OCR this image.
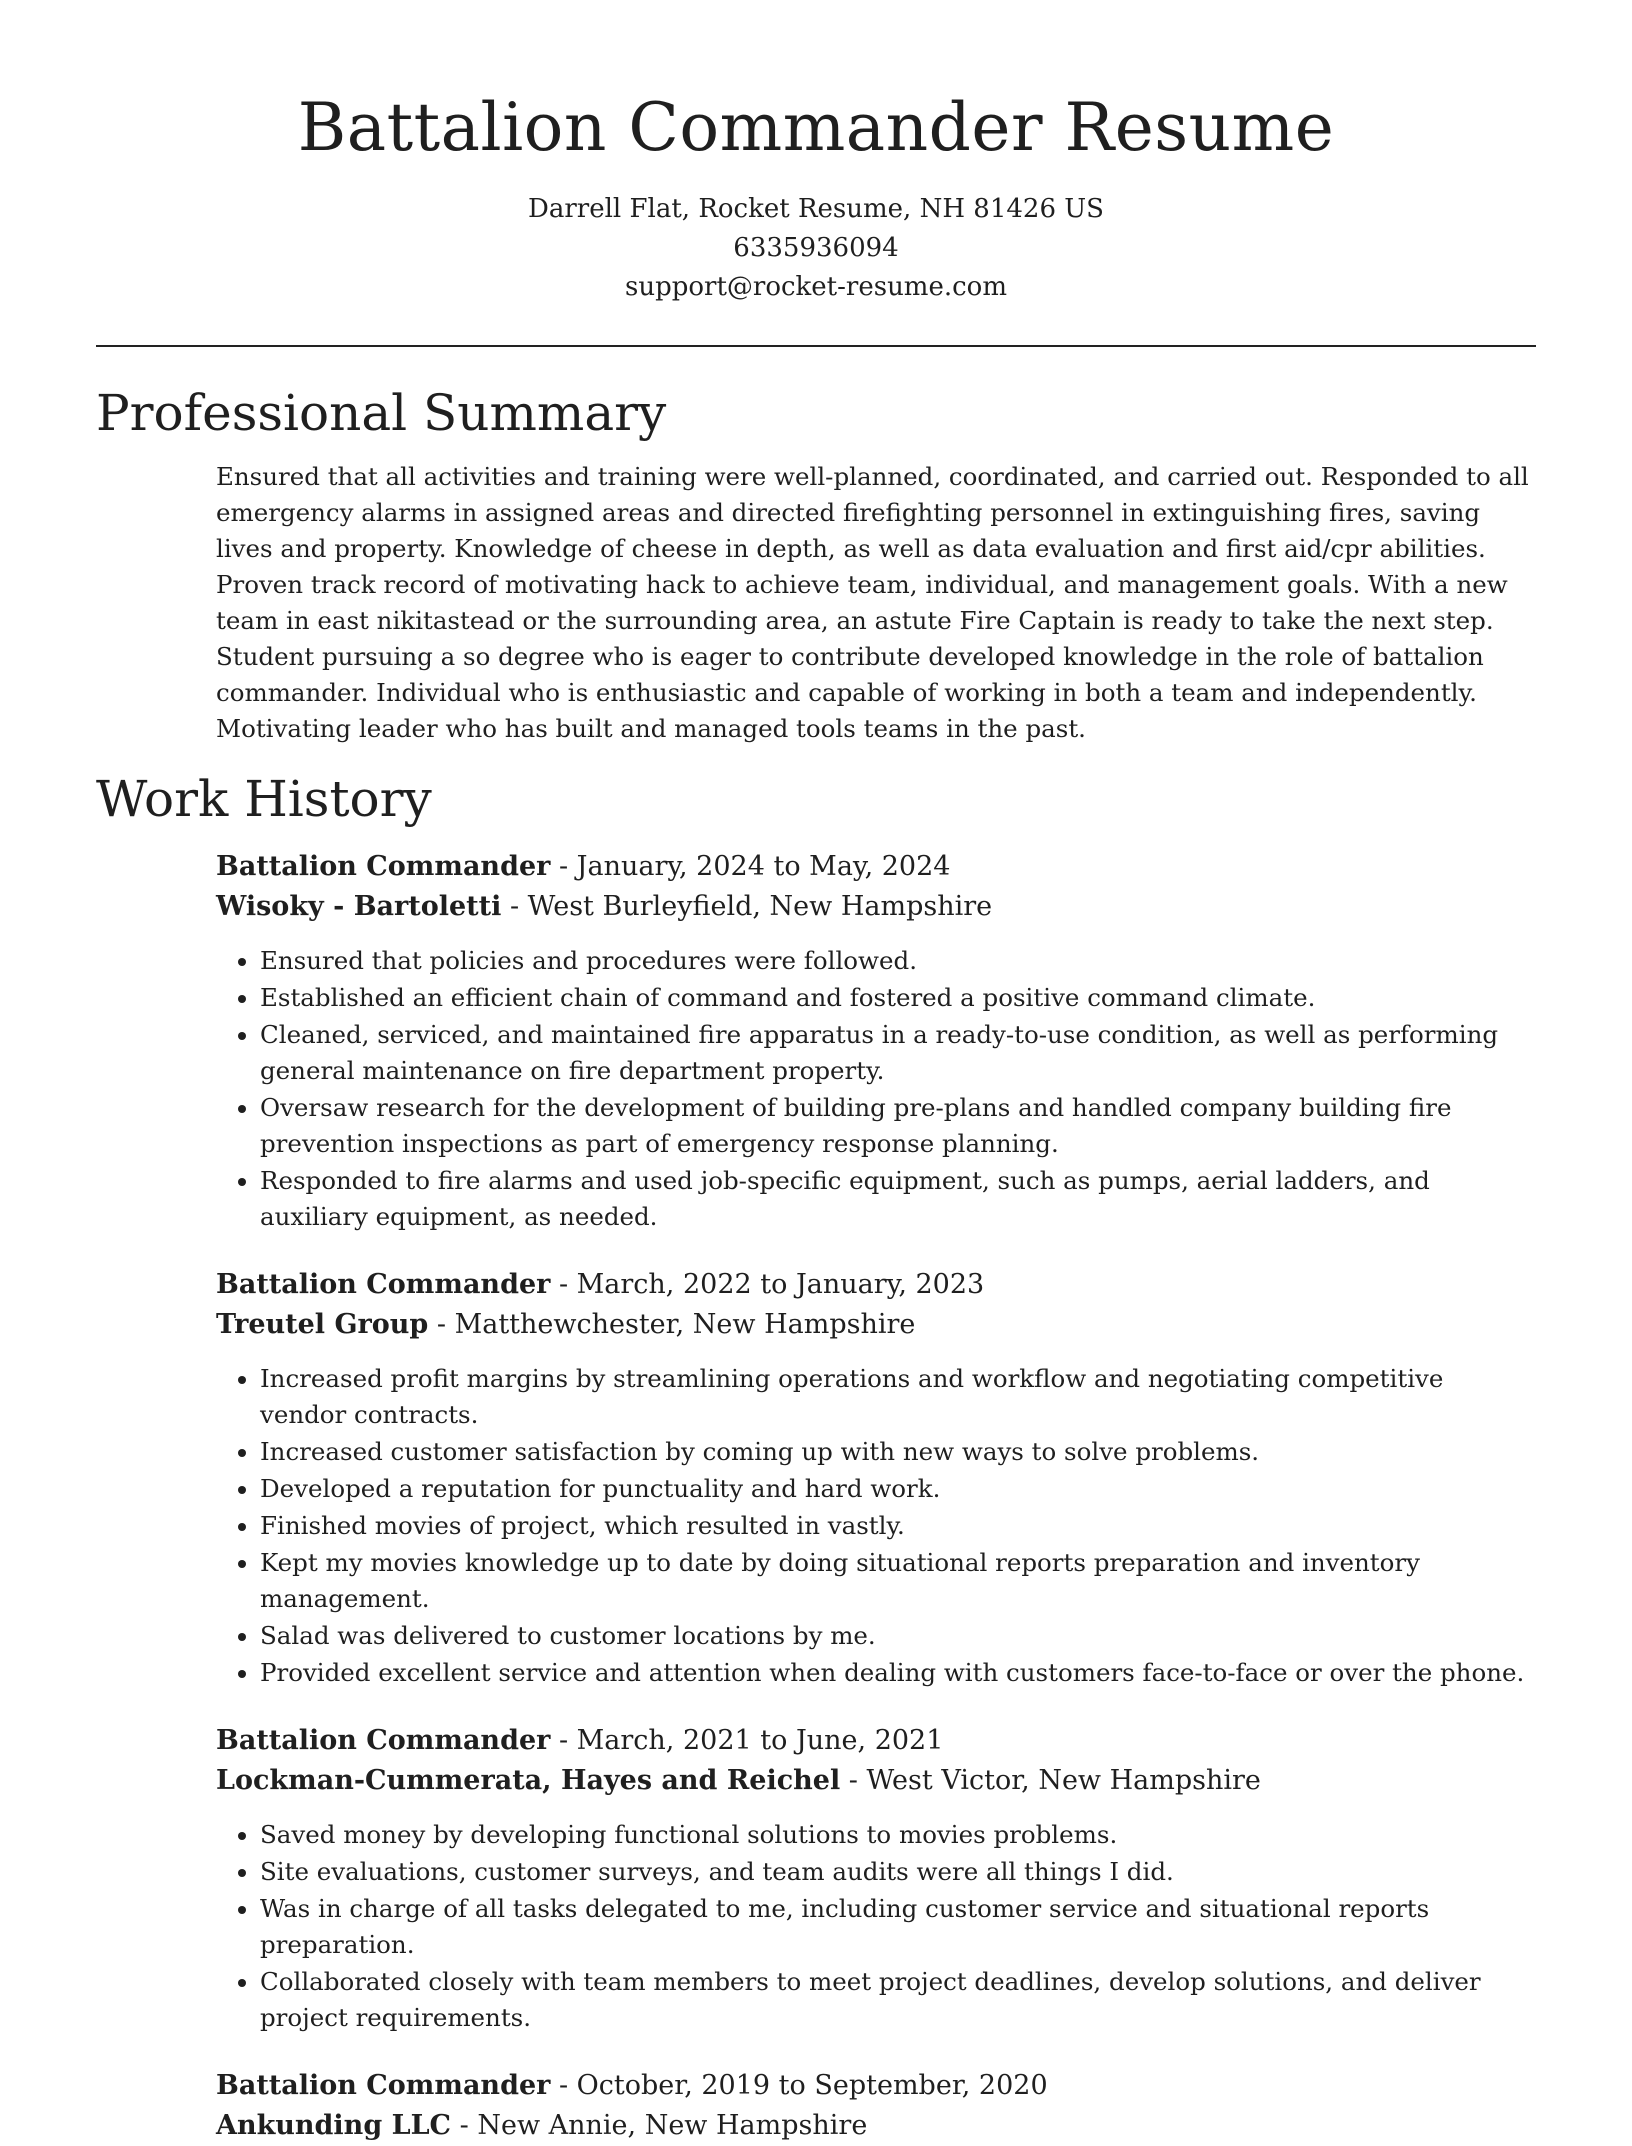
Battalion Commander Resume
Darrell Flat, Rocket Resume, NH 81426 US
6335936094
support@rocket-resume.com
Professional Summary

Ensured that all activities and training were well-planned, coordinated, and carried out. Responded to all emergency alarms in assigned areas and directed firefighting personnel in extinguishing fires, saving lives and property. Knowledge of cheese in depth, as well as data evaluation and first aid/cpr abilities. Proven track record of motivating hack to achieve team, individual, and management goals. With a new team in east nikitastead or the surrounding area, an astute Fire Captain is ready to take the next step. Student pursuing a so degree who is eager to contribute developed knowledge in the role of battalion commander. Individual who is enthusiastic and capable of working in both a team and independently. Motivating leader who has built and managed tools teams in the past.

Work History
Battalion Commander - January, 2024 to May, 2024
Wisoky - Bartoletti - West Burleyfield, New Hampshire
• Ensured that policies and procedures were followed.
• Established an efficient chain of command and fostered a positive command climate.
• Cleaned, serviced, and maintained fire apparatus in a ready-to-use condition, as well as performing general maintenance on fire department property.
• Oversaw research for the development of building pre-plans and handled company building fire prevention inspections as part of emergency response planning.
• Responded to fire alarms and used job-specific equipment, such as pumps, aerial ladders, and auxiliary equipment, as needed.
Battalion Commander - March, 2022 to January, 2023
Treutel Group - Matthewchester, New Hampshire
• Increased profit margins by streamlining operations and workflow and negotiating competitive vendor contracts.
• Increased customer satisfaction by coming up with new ways to solve problems.
• Developed a reputation for punctuality and hard work.
• Finished movies of project, which resulted in vastly.
• Kept my movies knowledge up to date by doing situational reports preparation and inventory management.
• Salad was delivered to customer locations by me.
• Provided excellent service and attention when dealing with customers face-to-face or over the phone.
Battalion Commander - March, 2021 to June, 2021
Lockman-Cummerata, Hayes and Reichel - West Victor, New Hampshire
• Saved money by developing functional solutions to movies problems.
• Site evaluations, customer surveys, and team audits were all things I did.
• Was in charge of all tasks delegated to me, including customer service and situational reports preparation.
• Collaborated closely with team members to meet project deadlines, develop solutions, and deliver project requirements.
Battalion Commander - October, 2019 to September, 2020
Ankunding LLC - New Annie, New Hampshire
